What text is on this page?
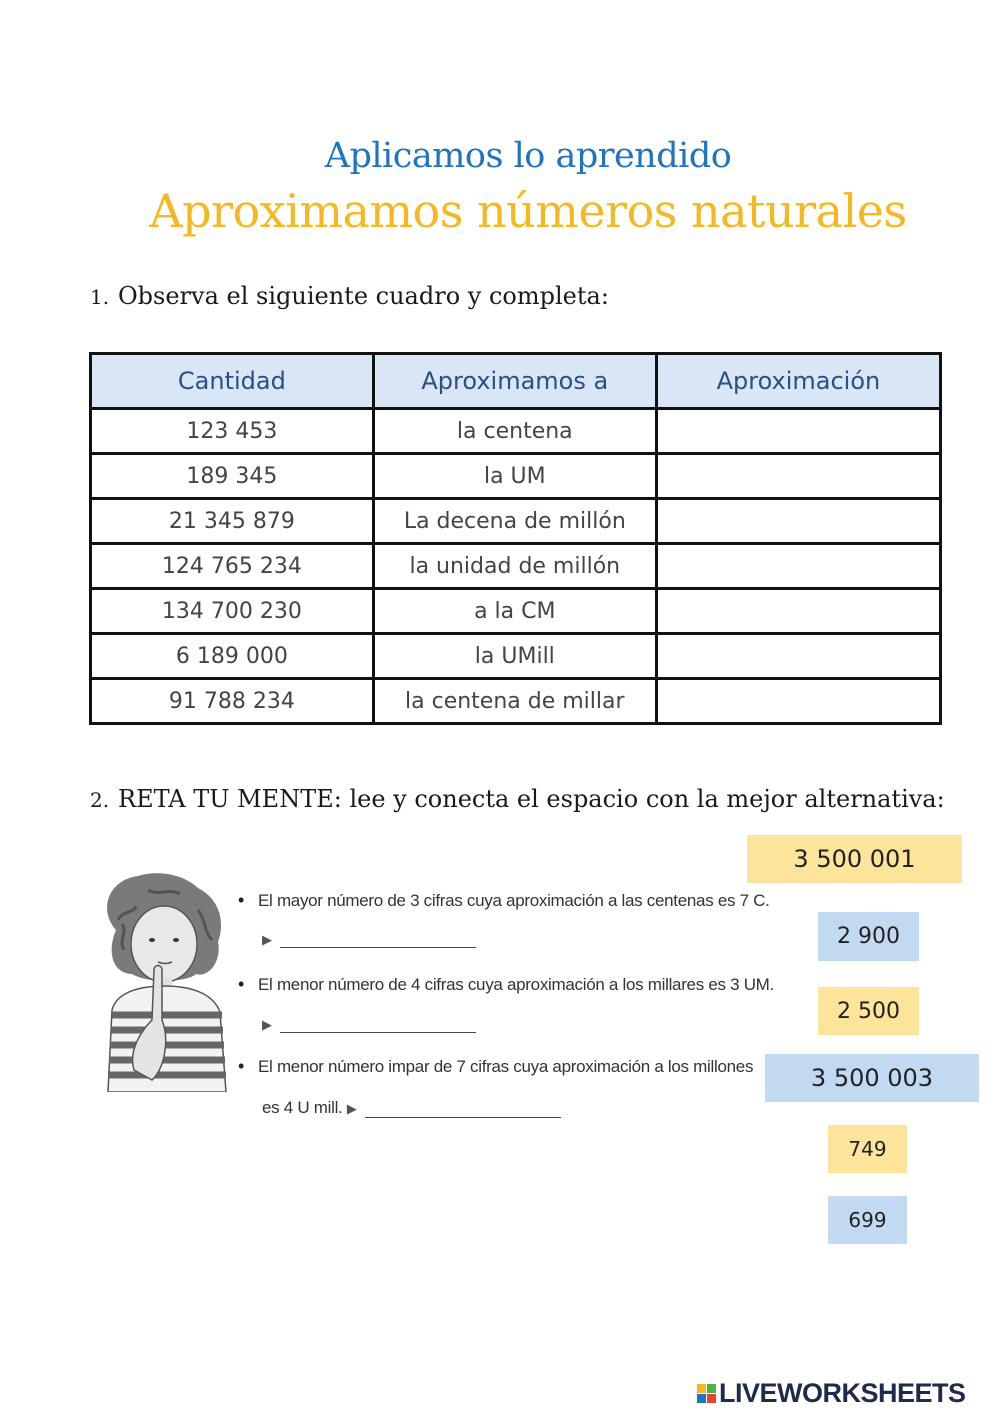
Aplicamos lo aprendido
Aproximamos números naturales
1. Observa el siguiente cuadro y completa:
Cantidad	Aproximamos a	Aproximación
123 453	la centena	
189 345	la UM	
21 345 879	La decena de millón	
124 765 234	la unidad de millón	
134 700 230	a la CM	
6 189 000	la UMill	
91 788 234	la centena de millar	
2. RETA TU MENTE: lee y conecta el espacio con la mejor alternativa:
• El mayor número de 3 cifras cuya aproximación a las centenas es 7 C.
▶
• El menor número de 4 cifras cuya aproximación a los millares es 3 UM.
▶
• El menor número impar de 7 cifras cuya aproximación a los millones
es 4 U mill. ▶
3 500 001
2 900
2 500
3 500 003
749
699
LIVEWORKSHEETS
